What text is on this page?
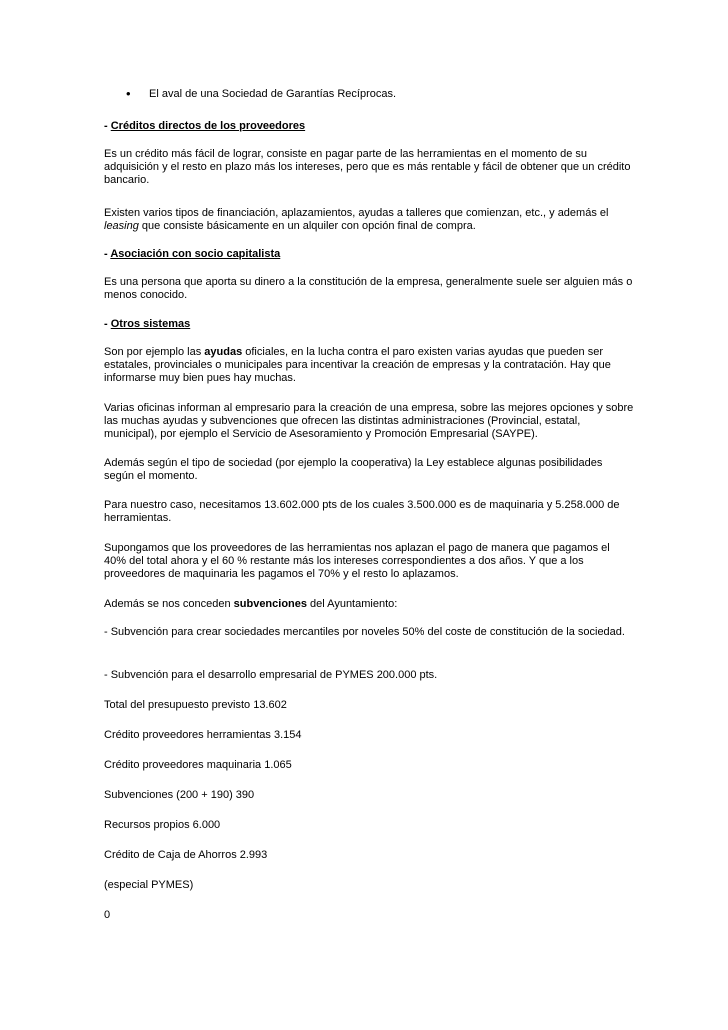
• El aval de una Sociedad de Garantías Recíprocas.
- Créditos directos de los proveedores

Es un crédito más fácil de lograr, consiste en pagar parte de las herramientas en el momento de su adquisición y el resto en plazo más los intereses, pero que es más rentable y fácil de obtener que un crédito bancario.

Existen varios tipos de financiación, aplazamientos, ayudas a talleres que comienzan, etc., y además el leasing que consiste básicamente en un alquiler con opción final de compra.

- Asociación con socio capitalista

Es una persona que aporta su dinero a la constitución de la empresa, generalmente suele ser alguien más o menos conocido.

- Otros sistemas

Son por ejemplo las ayudas oficiales, en la lucha contra el paro existen varias ayudas que pueden ser estatales, provinciales o municipales para incentivar la creación de empresas y la contratación. Hay que informarse muy bien pues hay muchas.

Varias oficinas informan al empresario para la creación de una empresa, sobre las mejores opciones y sobre las muchas ayudas y subvenciones que ofrecen las distintas administraciones (Provincial, estatal, municipal), por ejemplo el Servicio de Asesoramiento y Promoción Empresarial (SAYPE).

Además según el tipo de sociedad (por ejemplo la cooperativa) la Ley establece algunas posibilidades según el momento.

Para nuestro caso, necesitamos 13.602.000 pts de los cuales 3.500.000 es de maquinaria y 5.258.000 de herramientas.

Supongamos que los proveedores de las herramientas nos aplazan el pago de manera que pagamos el 40% del total ahora y el 60 % restante más los intereses correspondientes a dos años. Y que a los proveedores de maquinaria les pagamos el 70% y el resto lo aplazamos.

Además se nos conceden subvenciones del Ayuntamiento:

- Subvención para crear sociedades mercantiles por noveles 50% del coste de constitución de la sociedad.

- Subvención para el desarrollo empresarial de PYMES 200.000 pts.

Total del presupuesto previsto 13.602

Crédito proveedores herramientas 3.154

Crédito proveedores maquinaria 1.065

Subvenciones (200 + 190) 390

Recursos propios 6.000

Crédito de Caja de Ahorros 2.993

(especial PYMES)

0
